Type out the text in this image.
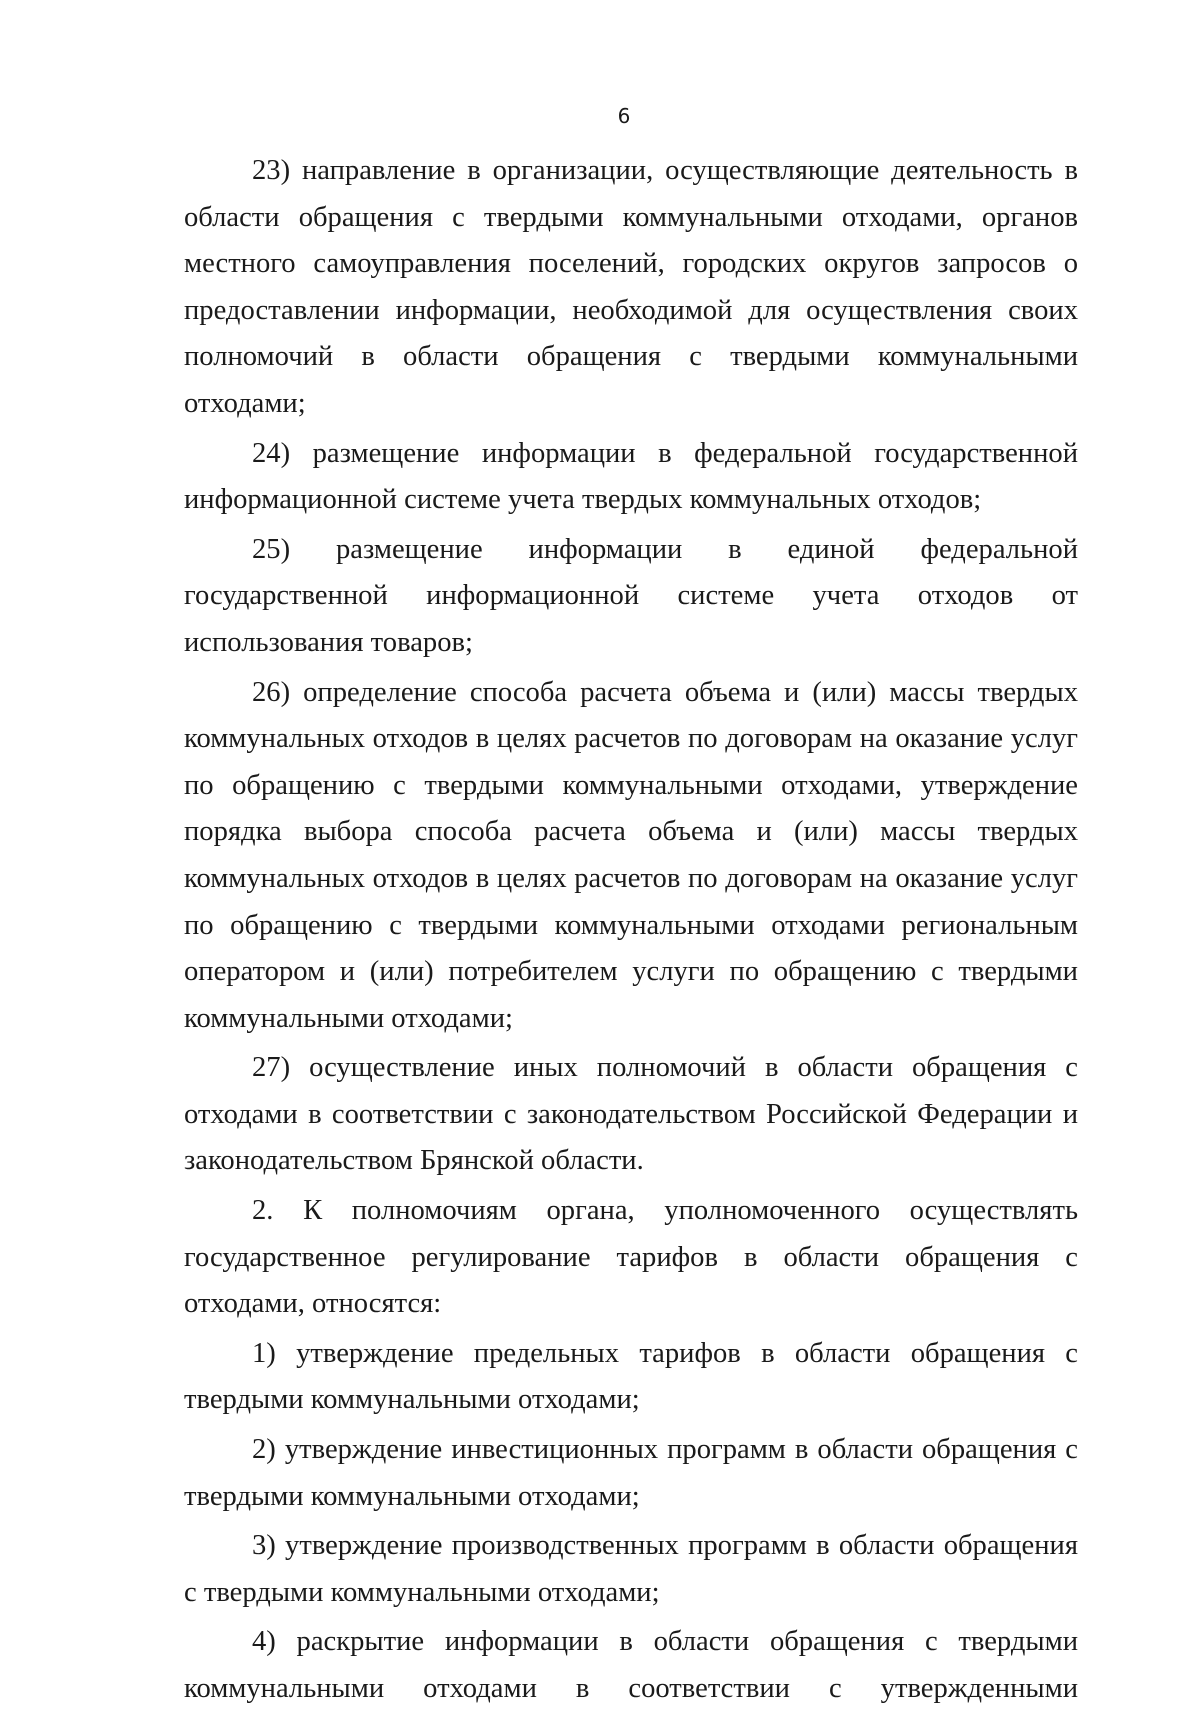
6

23) направление в организации, осуществляющие деятельность в области обращения с твердыми коммунальными отходами, органов местного самоуправления поселений, городских округов запросов о предоставлении информации, необходимой для осуществления своих полномочий в области обращения с твердыми коммунальными отходами;

24) размещение информации в федеральной государственной информационной системе учета твердых коммунальных отходов;

25) размещение информации в единой федеральной государственной информационной системе учета отходов от использования товаров;

26) определение способа расчета объема и (или) массы твердых коммунальных отходов в целях расчетов по договорам на оказание услуг по обращению с твердыми коммунальными отходами, утверждение порядка выбора способа расчета объема и (или) массы твердых коммунальных отходов в целях расчетов по договорам на оказание услуг по обращению с твердыми коммунальными отходами региональным оператором и (или) потребителем услуги по обращению с твердыми коммунальными отходами;

27) осуществление иных полномочий в области обращения с отходами в соответствии с законодательством Российской Федерации и законодательством Брянской области.

2. К полномочиям органа, уполномоченного осуществлять государственное регулирование тарифов в области обращения с отходами, относятся:

1) утверждение предельных тарифов в области обращения с твердыми коммунальными отходами;

2) утверждение инвестиционных программ в области обращения с твердыми коммунальными отходами;

3) утверждение производственных программ в области обращения с твердыми коммунальными отходами;

4) раскрытие информации в области обращения с твердыми коммунальными отходами в соответствии с утвержденными
